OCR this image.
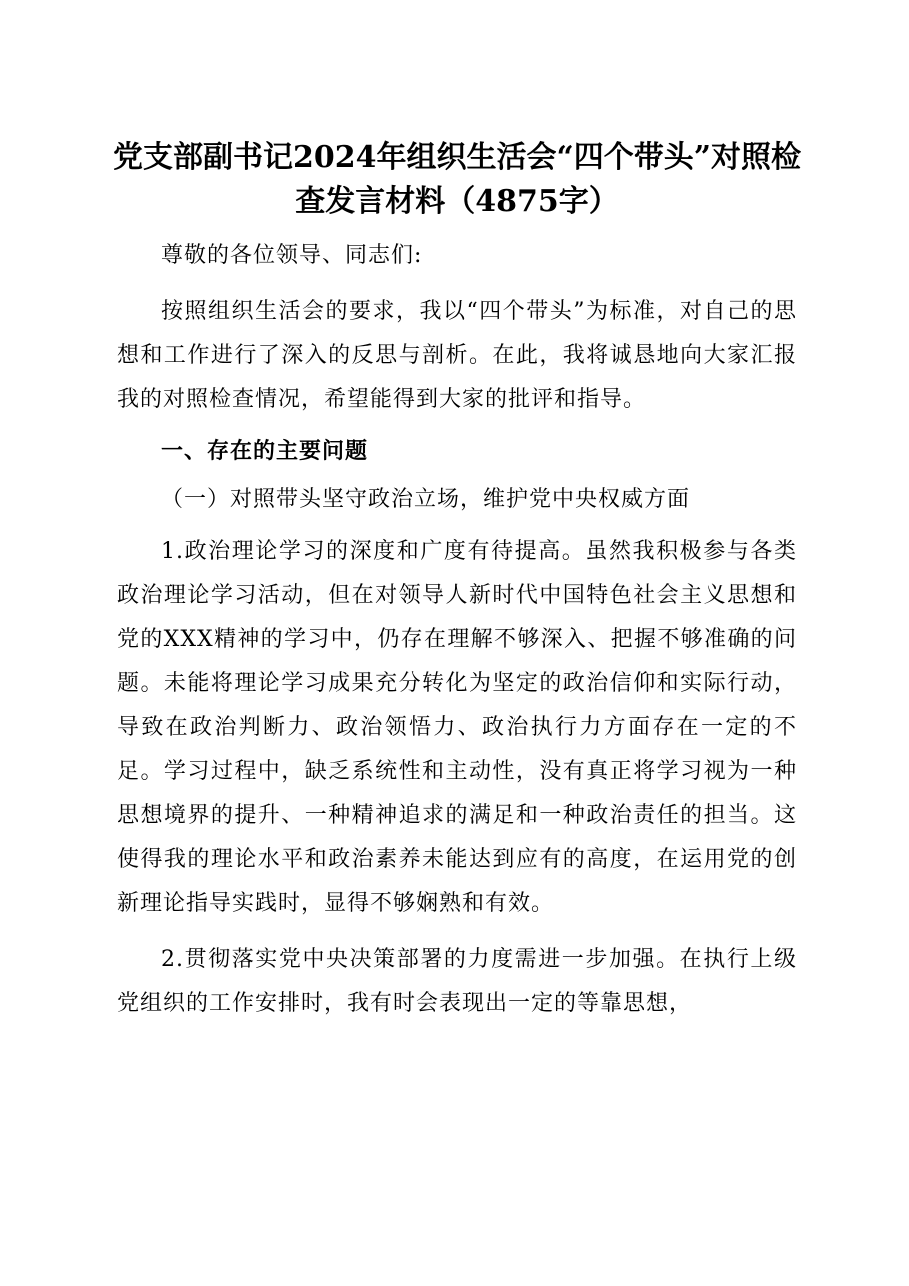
党支部副书记2024年组织生活会“四个带头”对照检查发言材料（4875字）

尊敬的各位领导、同志们:

按照组织生活会的要求，我以“四个带头”为标准，对自己的思想和工作进行了深入的反思与剖析。在此，我将诚恳地向大家汇报我的对照检查情况，希望能得到大家的批评和指导。

一、存在的主要问题

（一）对照带头坚守政治立场，维护党中央权威方面

1.政治理论学习的深度和广度有待提高。虽然我积极参与各类政治理论学习活动，但在对领导人新时代中国特色社会主义思想和党的XXX精神的学习中，仍存在理解不够深入、把握不够准确的问题。未能将理论学习成果充分转化为坚定的政治信仰和实际行动，导致在政治判断力、政治领悟力、政治执行力方面存在一定的不足。学习过程中，缺乏系统性和主动性，没有真正将学习视为一种思想境界的提升、一种精神追求的满足和一种政治责任的担当。这使得我的理论水平和政治素养未能达到应有的高度，在运用党的创新理论指导实践时，显得不够娴熟和有效。

2.贯彻落实党中央决策部署的力度需进一步加强。在执行上级党组织的工作安排时，我有时会表现出一定的等靠思想，
